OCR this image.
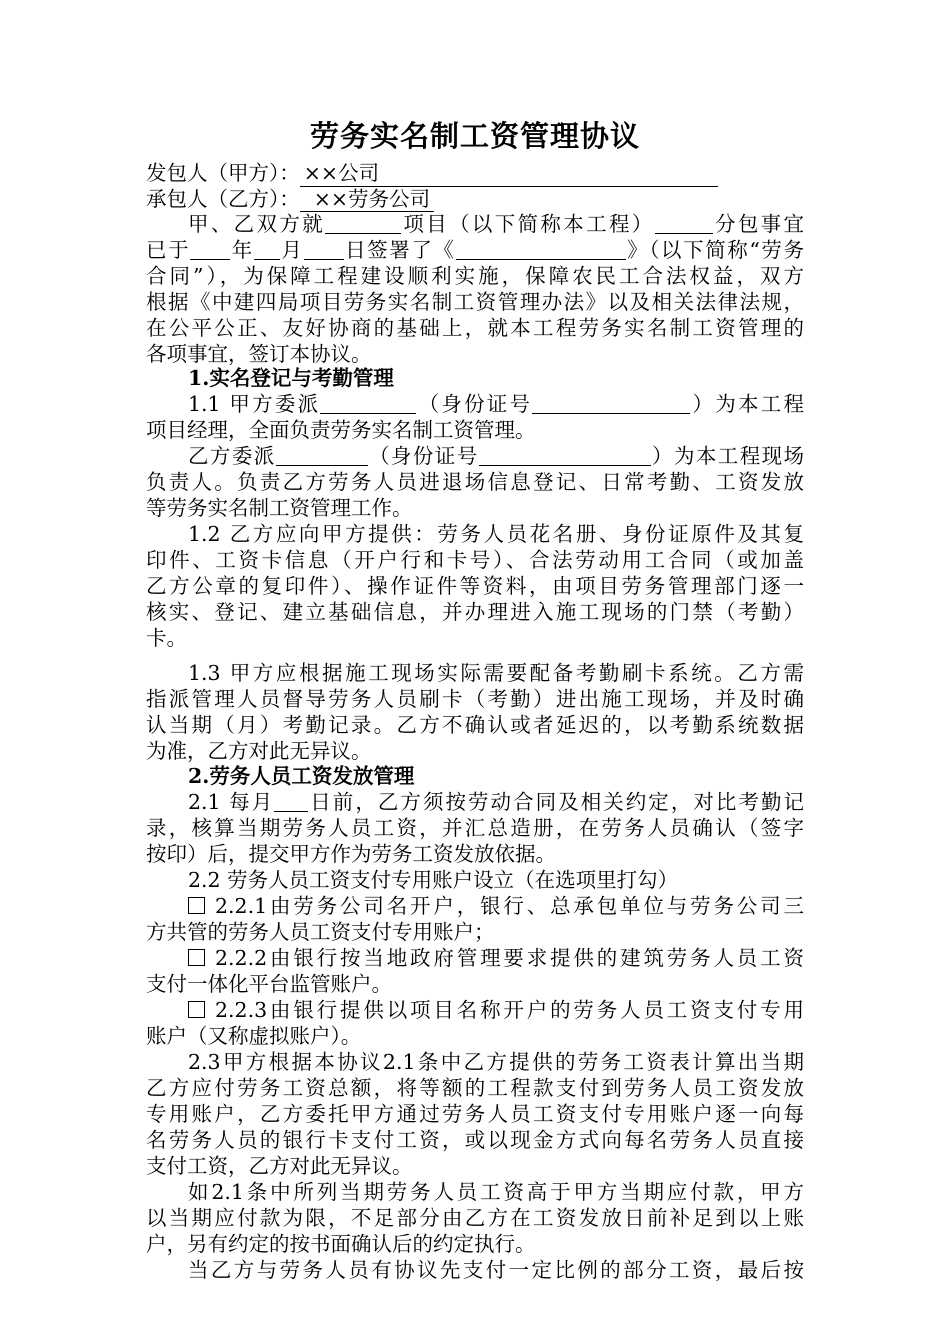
劳务实名制工资管理协议
发包人（甲方）： ××公司
承包人（乙方）： ××劳务公司
甲、乙双方就	项目（以下简称本工程）	分包事宜
已于 年 月 日签署了《	》（以下简称“劳务
合同”），为保障工程建设顺利实施，保障农民工合法权益，双方
根据《中建四局项目劳务实名制工资管理办法》以及相关法律法规，
在公平公正、友好协商的基础上，就本工程劳务实名制工资管理的
各项事宜，签订本协议。
1.实名登记与考勤管理
1.1 甲方委派	（身份证号	）为本工程
项目经理，全面负责劳务实名制工资管理。
乙方委派	（身份证号	）为本工程现场
负责人。负责乙方劳务人员进退场信息登记、日常考勤、工资发放
等劳务实名制工资管理工作。
1.2 乙方应向甲方提供：劳务人员花名册、身份证原件及其复
印件、工资卡信息（开户行和卡号）、合法劳动用工合同（或加盖
乙方公章的复印件）、操作证件等资料，由项目劳务管理部门逐一
核实、登记、建立基础信息，并办理进入施工现场的门禁（考勤）
卡。
1.3 甲方应根据施工现场实际需要配备考勤刷卡系统。乙方需
指派管理人员督导劳务人员刷卡（考勤）进出施工现场，并及时确
认当期（月）考勤记录。乙方不确认或者延迟的，以考勤系统数据
为准，乙方对此无异议。
2.劳务人员工资发放管理
2.1 每月 日前，乙方须按劳动合同及相关约定，对比考勤记
录，核算当期劳务人员工资，并汇总造册，在劳务人员确认（签字
按印）后，提交甲方作为劳务工资发放依据。
2.2 劳务人员工资支付专用账户设立（在选项里打勾）
2.2.1由劳务公司名开户，银行、总承包单位与劳务公司三
方共管的劳务人员工资支付专用账户；
2.2.2由银行按当地政府管理要求提供的建筑劳务人员工资
支付一体化平台监管账户。
2.2.3由银行提供以项目名称开户的劳务人员工资支付专用
账户（又称虚拟账户）。
2.3甲方根据本协议2.1条中乙方提供的劳务工资表计算出当期
乙方应付劳务工资总额，将等额的工程款支付到劳务人员工资发放
专用账户，乙方委托甲方通过劳务人员工资支付专用账户逐一向每
名劳务人员的银行卡支付工资，或以现金方式向每名劳务人员直接
支付工资，乙方对此无异议。
如2.1条中所列当期劳务人员工资高于甲方当期应付款，甲方
以当期应付款为限，不足部分由乙方在工资发放日前补足到以上账
户，另有约定的按书面确认后的约定执行。
当乙方与劳务人员有协议先支付一定比例的部分工资，最后按
